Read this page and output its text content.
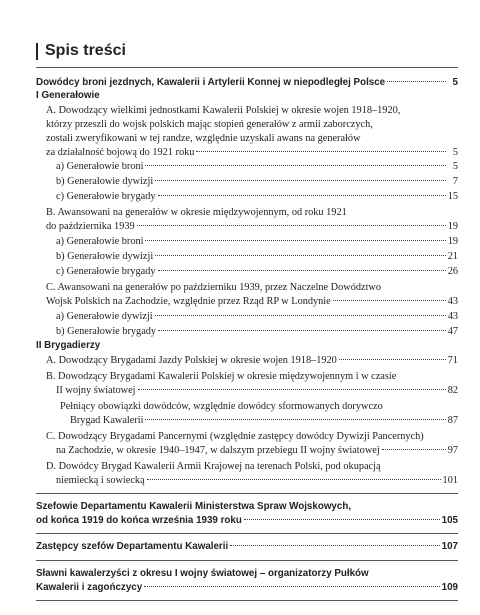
Spis treści
Dowódcy broni jezdnych, Kawalerii i Artylerii Konnej w niepodległej Polsce	5
I Generałowie
A. Dowodzący wielkimi jednostkami Kawalerii Polskiej w okresie wojen 1918–1920,
którzy przeszli do wojsk polskich mając stopień generałów z armii zaborczych,
zostali zweryfikowani w tej randze, względnie uzyskali awans na generałów
za działalność bojową do 1921 roku	5
a) Generałowie broni	5
b) Generałowie dywizji	7
c) Generałowie brygady	15
B. Awansowani na generałów w okresie międzywojennym, od roku 1921
do października 1939	19
a) Generałowie broni	19
b) Generałowie dywizji	21
c) Generałowie brygady	26
C. Awansowani na generałów po październiku 1939, przez Naczelne Dowództwo
Wojsk Polskich na Zachodzie, względnie przez Rząd RP w Londynie	43
a) Generałowie dywizji	43
b) Generałowie brygady	47
II Brygadierzy
A. Dowodzący Brygadami Jazdy Polskiej w okresie wojen 1918–1920	71
B. Dowodzący Brygadami Kawalerii Polskiej w okresie międzywojennym i w czasie
II wojny światowej	82
Pełniący obowiązki dowódców, względnie dowódcy sformowanych dorywczo
Brygad Kawalerii	87
C. Dowodzący Brygadami Pancernymi (względnie zastępcy dowódcy Dywizji Pancernych)
na Zachodzie, w okresie 1940–1947, w dalszym przebiegu II wojny światowej	97
D. Dowódcy Brygad Kawalerii Armii Krajowej na terenach Polski, pod okupacją
niemiecką i sowiecką	101
Szefowie Departamentu Kawalerii Ministerstwa Spraw Wojskowych,
od końca 1919 do końca września 1939 roku	105
Zastępcy szefów Departamentu Kawalerii	107
Sławni kawalerzyści z okresu I wojny światowej – organizatorzy Pułków
Kawalerii i zagończycy	109
